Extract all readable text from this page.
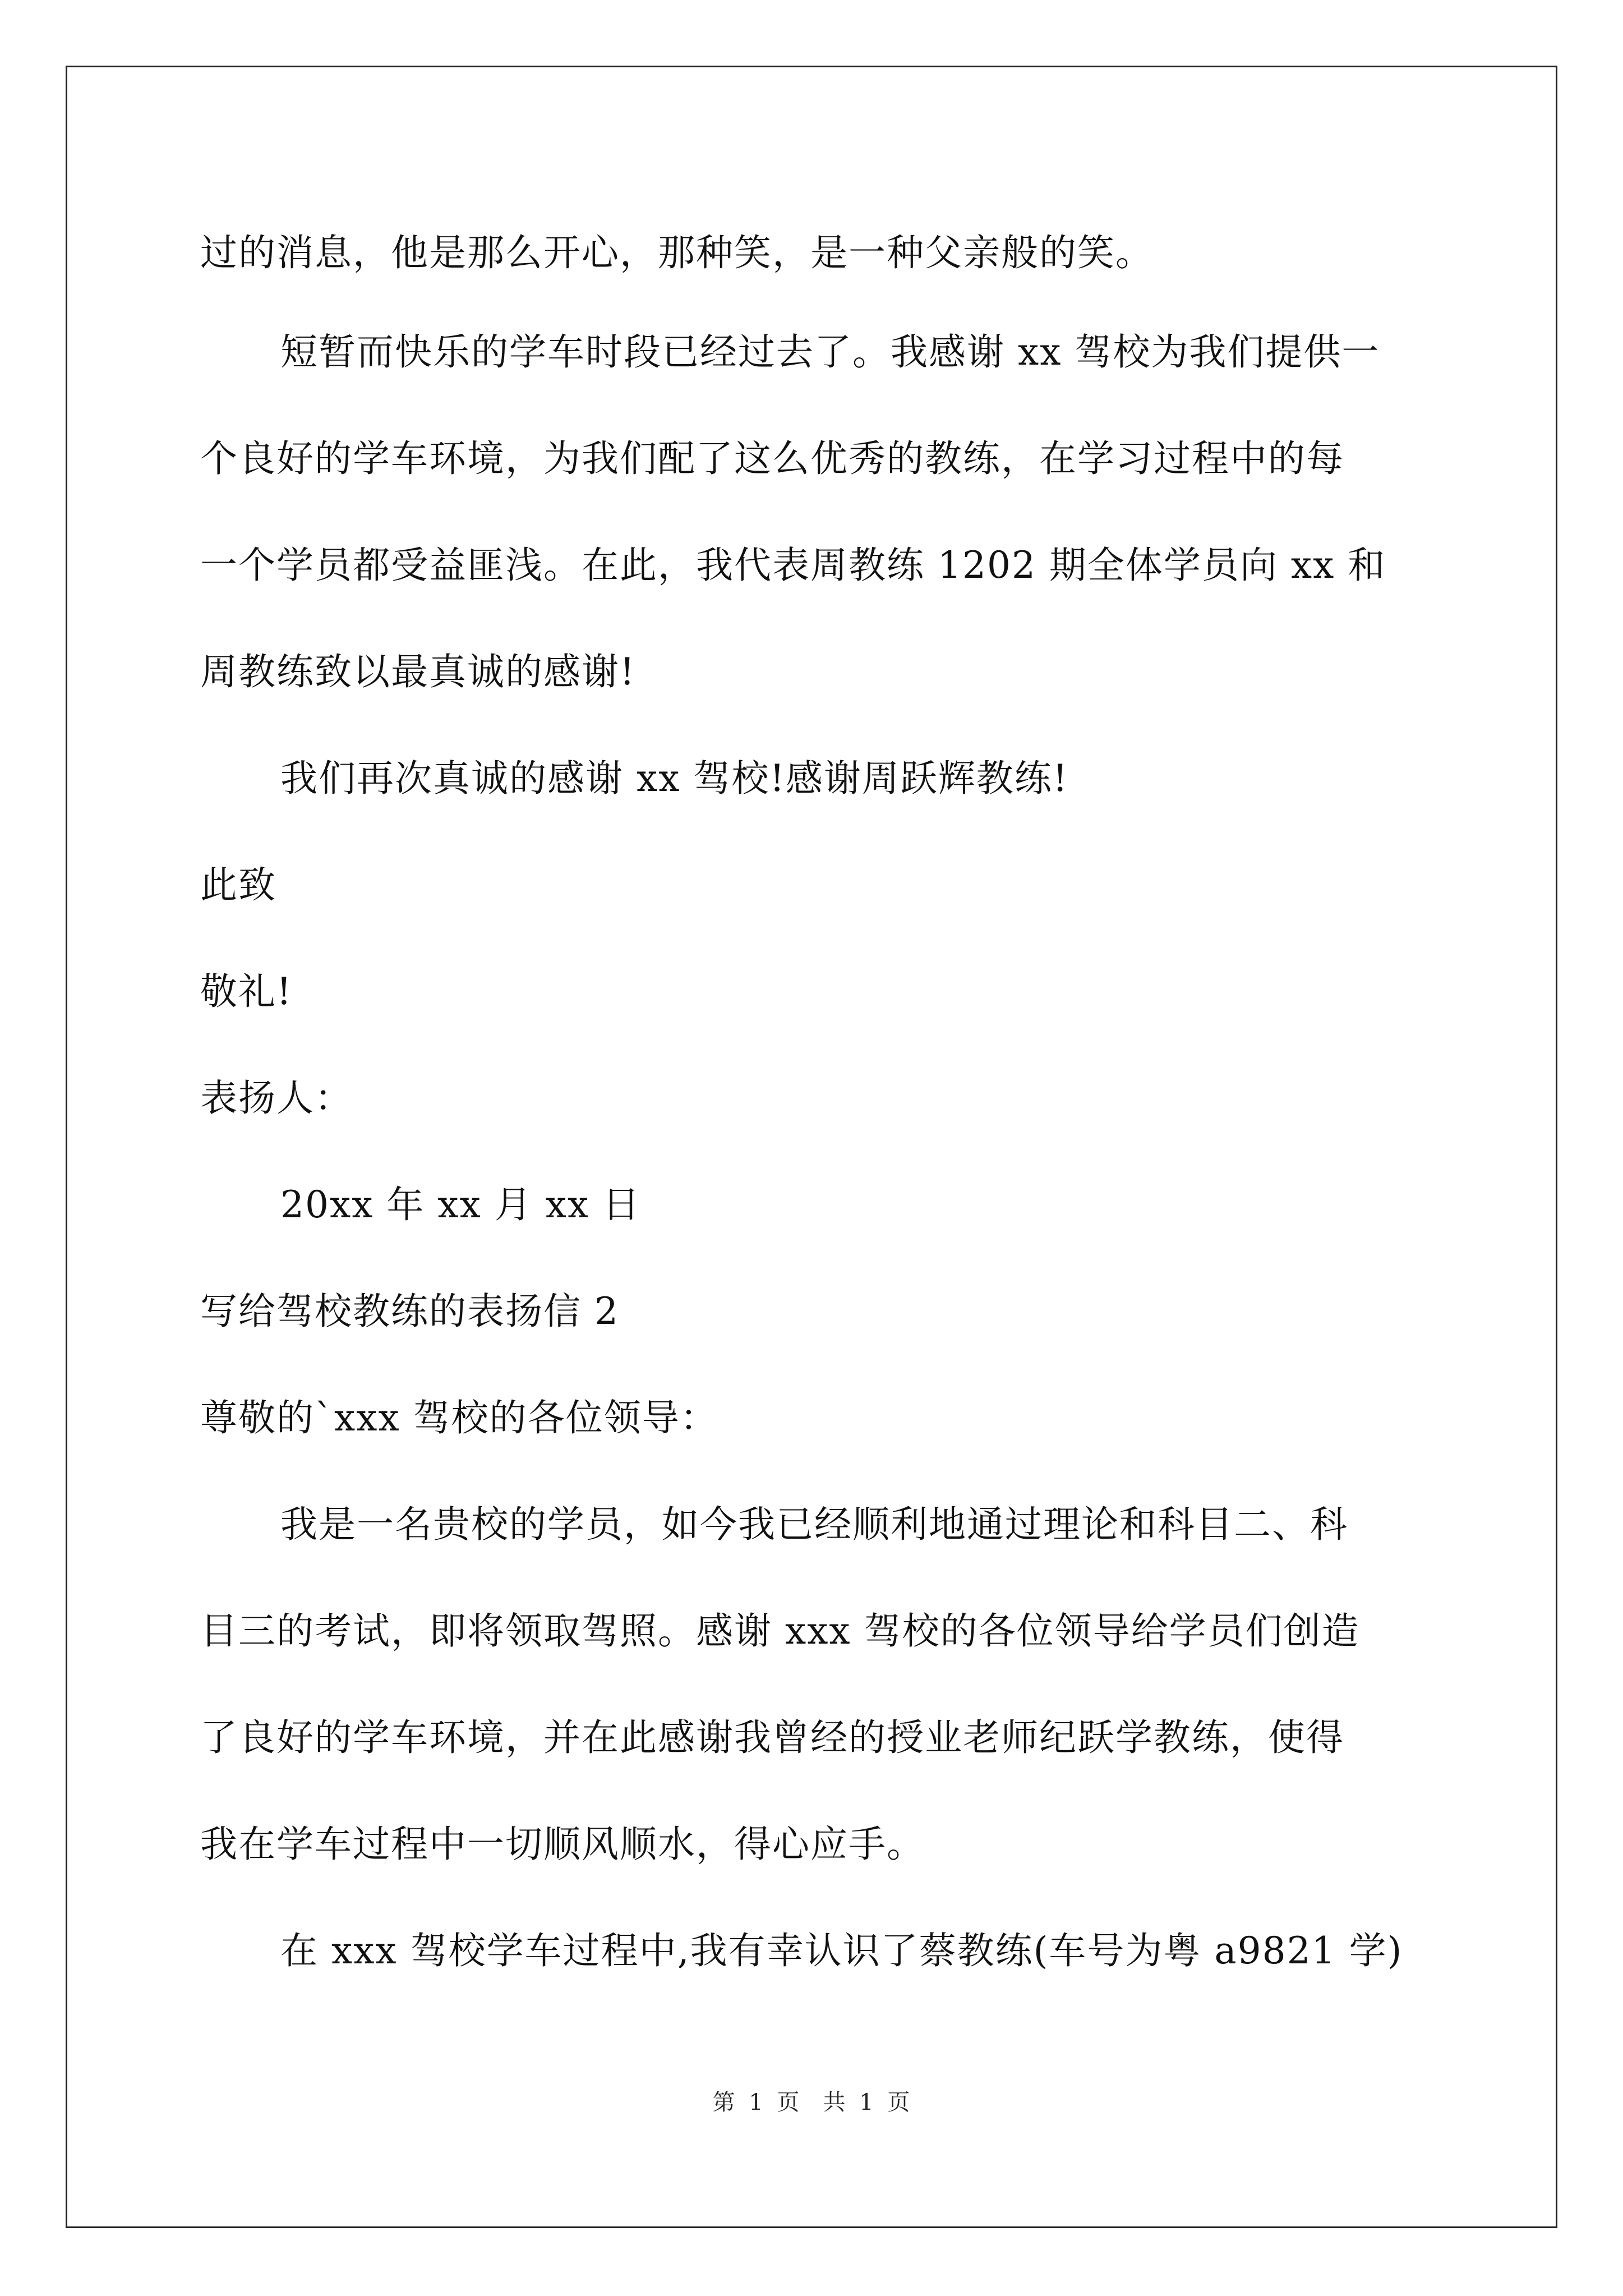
过的消息，他是那么开心，那种笑，是一种父亲般的笑。
短暂而快乐的学车时段已经过去了。我感谢 xx 驾校为我们提供一
个良好的学车环境，为我们配了这么优秀的教练，在学习过程中的每
一个学员都受益匪浅。在此，我代表周教练 1202 期全体学员向 xx 和
周教练致以最真诚的感谢!
我们再次真诚的感谢 xx 驾校!感谢周跃辉教练!
此致
敬礼!
表扬人：
20xx 年 xx 月 xx 日
写给驾校教练的表扬信 2
尊敬的`xxx 驾校的各位领导：
我是一名贵校的学员，如今我已经顺利地通过理论和科目二、科
目三的考试，即将领取驾照。感谢 xxx 驾校的各位领导给学员们创造
了良好的学车环境，并在此感谢我曾经的授业老师纪跃学教练，使得
我在学车过程中一切顺风顺水，得心应手。
在 xxx 驾校学车过程中,我有幸认识了蔡教练(车号为粤 a9821 学)
第 1 页　共 1 页
